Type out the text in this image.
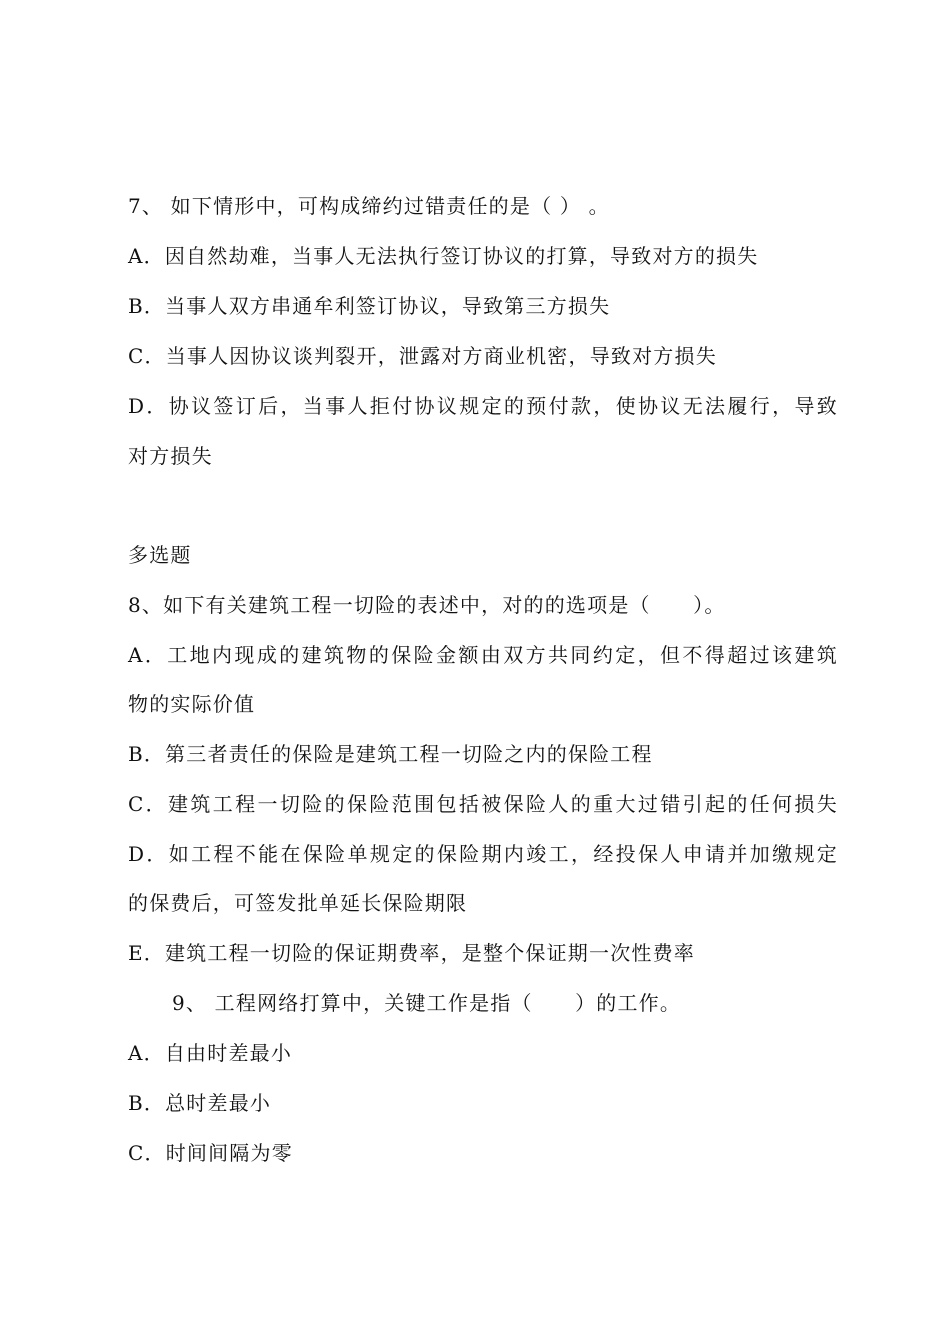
7、 如下情形中，可构成缔约过错责任的是（ ） 。
A．因自然劫难，当事人无法执行签订协议的打算，导致对方的损失
B．当事人双方串通牟利签订协议，导致第三方损失
C．当事人因协议谈判裂开，泄露对方商业机密，导致对方损失
D．协议签订后，当事人拒付协议规定的预付款，使协议无法履行，导致
对方损失
多选题
8、如下有关建筑工程一切险的表述中，对的的选项是（　　）。
A．工地内现成的建筑物的保险金额由双方共同约定，但不得超过该建筑
物的实际价值
B．第三者责任的保险是建筑工程一切险之内的保险工程
C．建筑工程一切险的保险范围包括被保险人的重大过错引起的任何损失
D．如工程不能在保险单规定的保险期内竣工，经投保人申请并加缴规定
的保费后，可签发批单延长保险期限
E．建筑工程一切险的保证期费率，是整个保证期一次性费率
9、 工程网络打算中，关键工作是指（　　）的工作。
A．自由时差最小
B．总时差最小
C．时间间隔为零
